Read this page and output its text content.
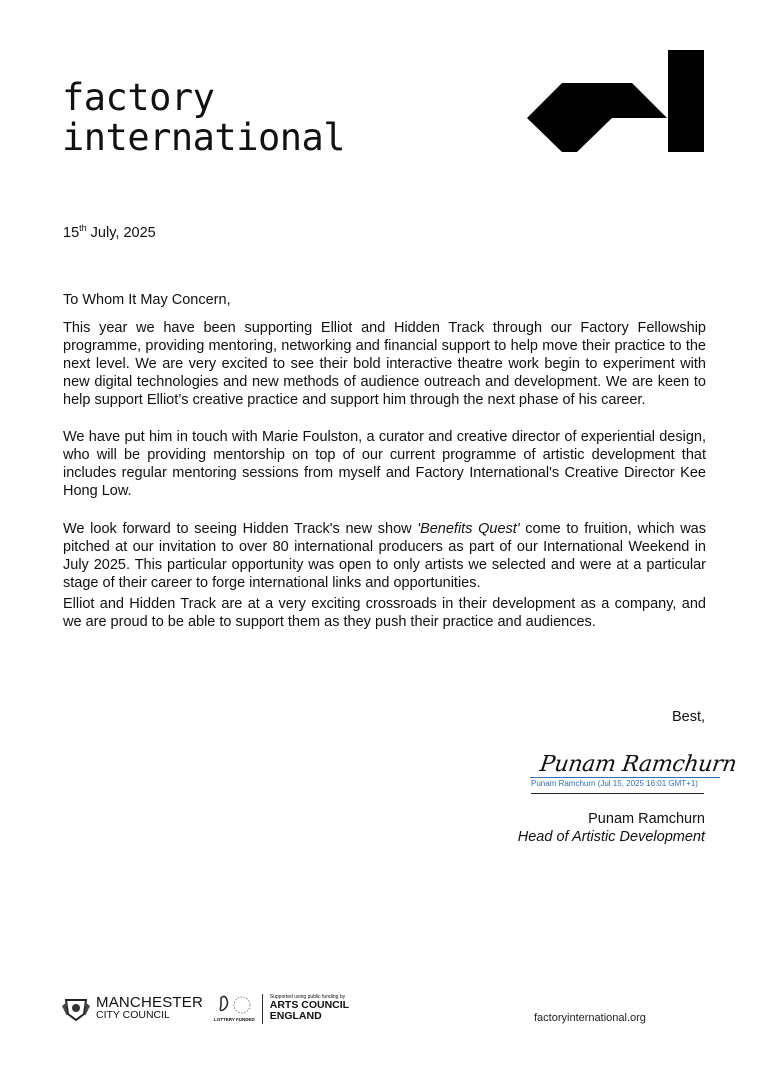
factory
international
15th July, 2025
To Whom It May Concern,

This year we have been supporting Elliot and Hidden Track through our Factory Fellowship programme, providing mentoring, networking and financial support to help move their practice to the next level. We are very excited to see their bold interactive theatre work begin to experiment with new digital technologies and new methods of audience outreach and development. We are keen to help support Elliot’s creative practice and support him through the next phase of his career.

We have put him in touch with Marie Foulston, a curator and creative director of experiential design, who will be providing mentorship on top of our current programme of artistic development that includes regular mentoring sessions from myself and Factory International's Creative Director Kee Hong Low.

We look forward to seeing Hidden Track's new show 'Benefits Quest' come to fruition, which was pitched at our invitation to over 80 international producers as part of our International Weekend in July 2025. This particular opportunity was open to only artists we selected and were at a particular stage of their career to forge international links and opportunities.

Elliot and Hidden Track are at a very exciting crossroads in their development as a company, and we are proud to be able to support them as they push their practice and audiences.

Best,
Punam Ramchurn
Punam Ramchurn (Jul 15, 2025 16:01 GMT+1)
Punam Ramchurn
Head of Artistic Development
MANCHESTER
CITY COUNCIL	LOTTERY FUNDED
Supported using public funding by
ARTS COUNCIL
ENGLAND	factoryinternational.org
